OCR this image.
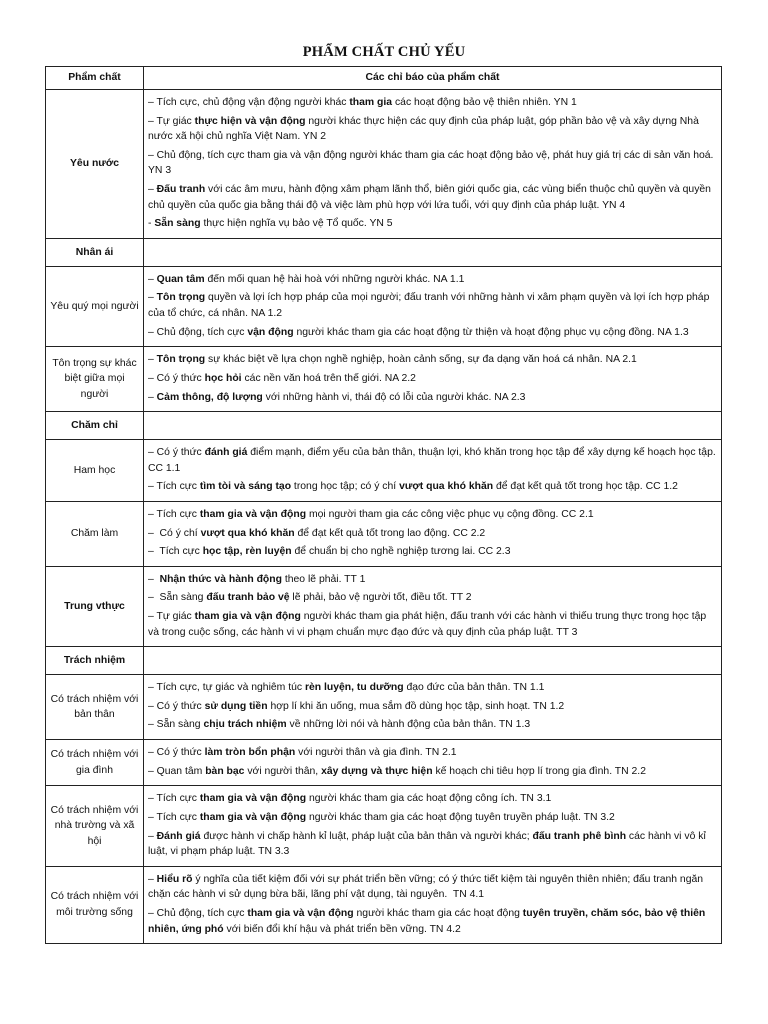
PHẨM CHẤT CHỦ YẾU
Phẩm chất	Các chỉ báo của phẩm chất
Yêu nước	– Tích cực, chủ động vận động người khác tham gia các hoạt động bảo vệ thiên nhiên. YN 1
– Tự giác thực hiện và vận động người khác thực hiện các quy định của pháp luật, góp phần bảo vệ và xây dựng Nhà nước xã hội chủ nghĩa Việt Nam. YN 2
– Chủ động, tích cực tham gia và vận động người khác tham gia các hoạt động bảo vệ, phát huy giá trị các di sản văn hoá. YN 3
– Đấu tranh với các âm mưu, hành động xâm phạm lãnh thổ, biên giới quốc gia, các vùng biển thuộc chủ quyền và quyền chủ quyền của quốc gia bằng thái độ và việc làm phù hợp với lứa tuổi, với quy định của pháp luật. YN 4
- Sẵn sàng thực hiện nghĩa vụ bảo vệ Tổ quốc. YN 5

Nhân ái	
Yêu quý mọi người	– Quan tâm đến mối quan hệ hài hoà với những người khác. NA 1.1
– Tôn trọng quyền và lợi ích hợp pháp của mọi người; đấu tranh với những hành vi xâm phạm quyền và lợi ích hợp pháp của tổ chức, cá nhân. NA 1.2
– Chủ động, tích cực vận động người khác tham gia các hoạt động từ thiện và hoạt động phục vụ cộng đồng. NA 1.3

Tôn trọng sự khác biệt giữa mọi người	– Tôn trọng sự khác biệt về lựa chọn nghề nghiệp, hoàn cảnh sống, sự đa dạng văn hoá cá nhân. NA 2.1
– Có ý thức học hỏi các nền văn hoá trên thế giới. NA 2.2
– Cảm thông, độ lượng với những hành vi, thái độ có lỗi của người khác. NA 2.3

Chăm chỉ	
Ham học	– Có ý thức đánh giá điểm mạnh, điểm yếu của bản thân, thuận lợi, khó khăn trong học tập để xây dựng kế hoạch học tập. CC 1.1
– Tích cực tìm tòi và sáng tạo trong học tập; có ý chí vượt qua khó khăn để đạt kết quả tốt trong học tập. CC 1.2

Chăm làm	– Tích cực tham gia và vận động mọi người tham gia các công việc phục vụ cộng đồng. CC 2.1
–  Có ý chí vượt qua khó khăn để đạt kết quả tốt trong lao động. CC 2.2
–  Tích cực học tập, rèn luyện để chuẩn bị cho nghề nghiệp tương lai. CC 2.3

Trung vthực	–  Nhận thức và hành động theo lẽ phải. TT 1
–  Sẵn sàng đấu tranh bảo vệ lẽ phải, bảo vệ người tốt, điều tốt. TT 2
– Tự giác tham gia và vận động người khác tham gia phát hiện, đấu tranh với các hành vi thiếu trung thực trong học tập và trong cuộc sống, các hành vi vi phạm chuẩn mực đạo đức và quy định của pháp luật. TT 3

Trách nhiệm	
Có trách nhiệm với bản thân	– Tích cực, tự giác và nghiêm túc rèn luyện, tu dưỡng đạo đức của bản thân. TN 1.1
– Có ý thức sử dụng tiền hợp lí khi ăn uống, mua sắm đồ dùng học tập, sinh hoạt. TN 1.2
– Sẵn sàng chịu trách nhiệm về những lời nói và hành động của bản thân. TN 1.3

Có trách nhiệm với gia đình	– Có ý thức làm tròn bổn phận với người thân và gia đình. TN 2.1
– Quan tâm bàn bạc với người thân, xây dựng và thực hiện kế hoạch chi tiêu hợp lí trong gia đình. TN 2.2

Có trách nhiệm với nhà trường và xã hội	– Tích cực tham gia và vận động người khác tham gia các hoạt động công ích. TN 3.1
– Tích cực tham gia và vận động người khác tham gia các hoạt động tuyên truyền pháp luật. TN 3.2
– Đánh giá được hành vi chấp hành kỉ luật, pháp luật của bản thân và người khác; đấu tranh phê bình các hành vi vô kỉ luật, vi phạm pháp luật. TN 3.3

Có trách nhiệm với môi trường sống	– Hiểu rõ ý nghĩa của tiết kiệm đối với sự phát triển bền vững; có ý thức tiết kiệm tài nguyên thiên nhiên; đấu tranh ngăn chặn các hành vi sử dụng bừa bãi, lãng phí vật dụng, tài nguyên.  TN 4.1
– Chủ động, tích cực tham gia và vận động người khác tham gia các hoạt động tuyên truyền, chăm sóc, bảo vệ thiên nhiên, ứng phó với biến đổi khí hậu và phát triển bền vững. TN 4.2
